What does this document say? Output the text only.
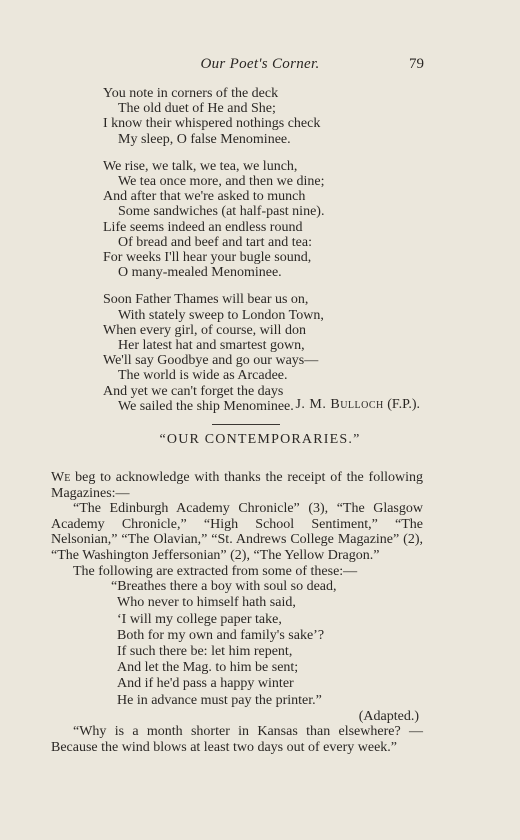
Our Poet's Corner.	79
You note in corners of the deck
The old duet of He and She;
I know their whispered nothings check
My sleep, O false Menominee.
We rise, we talk, we tea, we lunch,
We tea once more, and then we dine;
And after that we're asked to munch
Some sandwiches (at half-past nine).
Life seems indeed an endless round
Of bread and beef and tart and tea:
For weeks I'll hear your bugle sound,
O many-mealed Menominee.
Soon Father Thames will bear us on,
With stately sweep to London Town,
When every girl, of course, will don
Her latest hat and smartest gown,
We'll say Goodbye and go our ways—
The world is wide as Arcadee.
And yet we can't forget the days
We sailed the ship Menominee. J. M. Bulloch (F.P.).
“OUR CONTEMPORARIES.”

We beg to acknowledge with thanks the receipt of the following Magazines:—

“The Edinburgh Academy Chronicle” (3), “The Glasgow Academy Chronicle,” “High School Sentiment,” “The Nelsonian,” “The Olavian,” “St. Andrews College Magazine” (2), “The Washington Jeffersonian” (2), “The Yellow Dragon.”

The following are extracted from some of these:—

“Breathes there a boy with soul so dead,
Who never to himself hath said,
‘I will my college paper take,
Both for my own and family's sake’?
If such there be: let him repent,
And let the Mag. to him be sent;
And if he'd pass a happy winter
He in advance must pay the printer.”

(Adapted.)

“Why is a month shorter in Kansas than elsewhere? —Because the wind blows at least two days out of every week.”
